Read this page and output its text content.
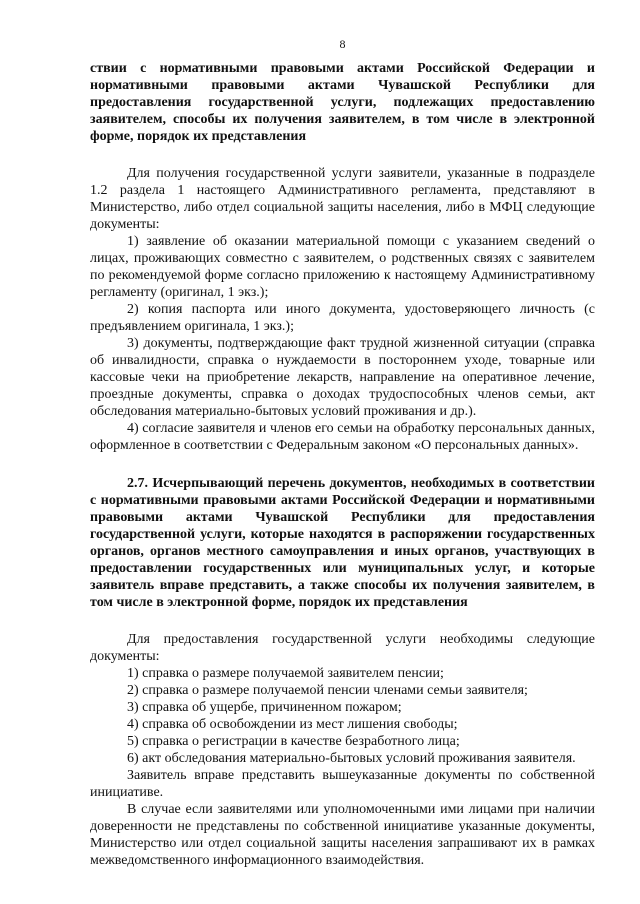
8

ствии с нормативными правовыми актами Российской Федерации и нормативными правовыми актами Чувашской Республики для предоставления государственной услуги, подлежащих предоставлению заявителем, способы их получения заявителем, в том числе в электронной форме, порядок их представления

Для получения государственной услуги заявители, указанные в подразделе 1.2 раздела 1 настоящего Административного регламента, представляют в Министерство, либо отдел социальной защиты населения, либо в МФЦ следующие документы:

1) заявление об оказании материальной помощи с указанием сведений о лицах, проживающих совместно с заявителем, о родственных связях с заявителем по рекомендуемой форме согласно приложению к настоящему Административному регламенту (оригинал, 1 экз.);

2) копия паспорта или иного документа, удостоверяющего личность (с предъявлением оригинала, 1 экз.);

3) документы, подтверждающие факт трудной жизненной ситуации (справка об инвалидности, справка о нуждаемости в постороннем уходе, товарные или кассовые чеки на приобретение лекарств, направление на оперативное лечение, проездные документы, справка о доходах трудоспособных членов семьи, акт обследования материально-бытовых условий проживания и др.).

4) согласие заявителя и членов его семьи на обработку персональных данных, оформленное в соответствии с Федеральным законом «О персональных данных».

2.7. Исчерпывающий перечень документов, необходимых в соответствии с нормативными правовыми актами Российской Федерации и нормативными правовыми актами Чувашской Республики для предоставления государственной услуги, которые находятся в распоряжении государственных органов, органов местного самоуправления и иных органов, участвующих в предоставлении государственных или муниципальных услуг, и которые заявитель вправе представить, а также способы их получения заявителем, в том числе в электронной форме, порядок их представления

Для предоставления государственной услуги необходимы следующие документы:

1) справка о размере получаемой заявителем пенсии;

2) справка о размере получаемой пенсии членами семьи заявителя;

3) справка об ущербе, причиненном пожаром;

4) справка об освобождении из мест лишения свободы;

5) справка о регистрации в качестве безработного лица;

6) акт обследования материально-бытовых условий проживания заявителя.

Заявитель вправе представить вышеуказанные документы по собственной инициативе.

В случае если заявителями или уполномоченными ими лицами при наличии доверенности не представлены по собственной инициативе указанные документы, Министерство или отдел социальной защиты населения запрашивают их в рамках межведомственного информационного взаимодействия.
